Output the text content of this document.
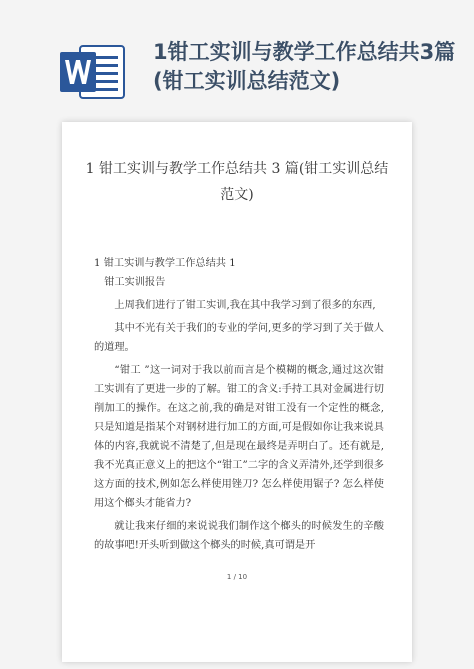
1钳工实训与教学工作总结共3篇(钳工实训总结范文)
1 钳工实训与教学工作总结共 3 篇(钳工实训总结范文)

1 钳工实训与教学工作总结共 1

钳工实训报告

上周我们进行了钳工实训,我在其中我学习到了很多的东西,

其中不光有关于我们的专业的学问,更多的学习到了关于做人的道理。

“钳工 ”这一词对于我以前而言是个模糊的概念,通过这次钳工实训有了更进一步的了解。钳工的含义:手持工具对金属进行切削加工的操作。在这之前,我的确是对钳工没有一个定性的概念,只是知道是指某个对钢材进行加工的方面,可是假如你让我来说具体的内容,我就说不清楚了,但是现在最终是弄明白了。还有就是,我不光真正意义上的把这个“钳工”二字的含义弄清外,还学到很多这方面的技术,例如怎么样使用锉刀? 怎么样使用锯子? 怎么样使用这个榔头才能省力?

就让我来仔细的来说说我们制作这个榔头的时候发生的辛酸的故事吧!开头听到做这个榔头的时候,真可谓是开

1 / 10
